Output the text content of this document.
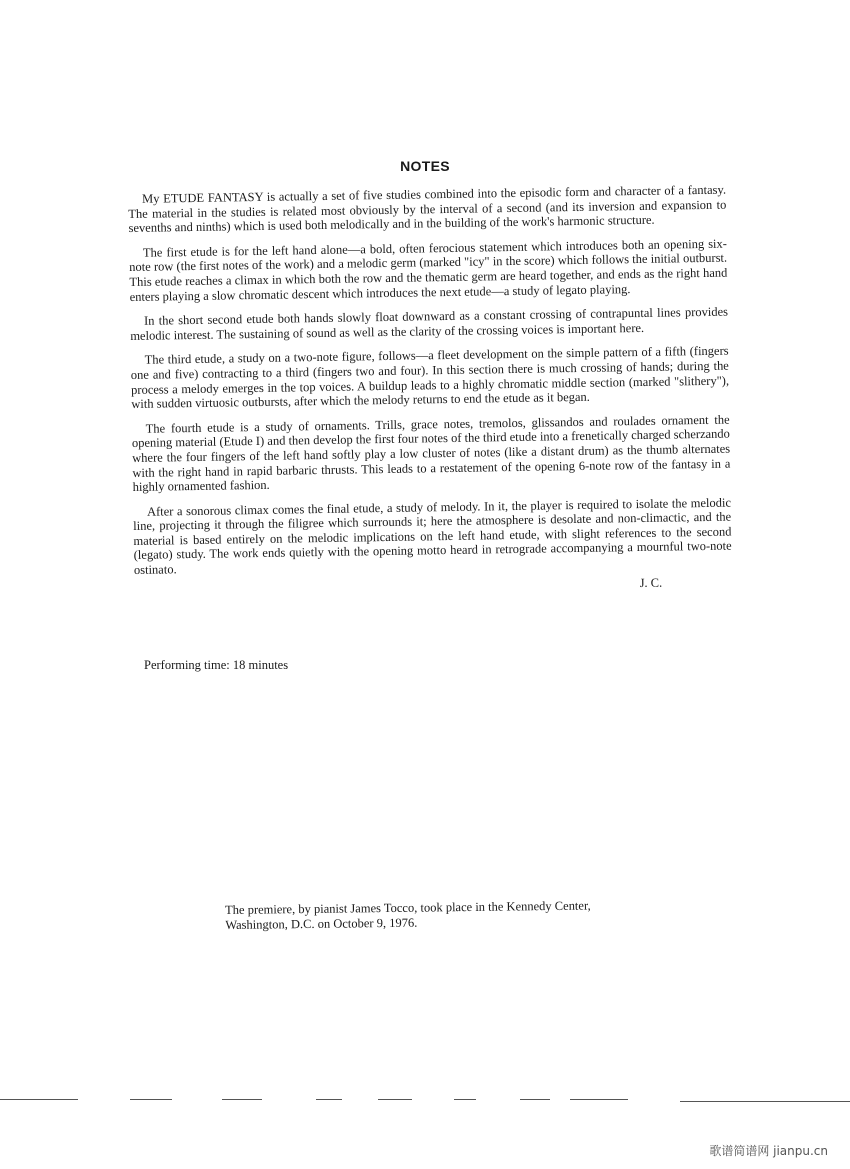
NOTES

My ETUDE FANTASY is actually a set of five studies combined into the episodic form and character of a fantasy. The material in the studies is related most obviously by the interval of a second (and its inversion and expansion to sevenths and ninths) which is used both melodically and in the building of the work's harmonic structure.

The first etude is for the left hand alone—a bold, often ferocious statement which introduces both an opening six-note row (the first notes of the work) and a melodic germ (marked "icy" in the score) which follows the initial outburst. This etude reaches a climax in which both the row and the thematic germ are heard together, and ends as the right hand enters playing a slow chromatic descent which introduces the next etude—a study of legato playing.

In the short second etude both hands slowly float downward as a constant crossing of contrapuntal lines provides melodic interest. The sustaining of sound as well as the clarity of the crossing voices is important here.

The third etude, a study on a two-note figure, follows—a fleet development on the simple pattern of a fifth (fingers one and five) contracting to a third (fingers two and four). In this section there is much crossing of hands; during the process a melody emerges in the top voices. A buildup leads to a highly chromatic middle section (marked "slithery"), with sudden virtuosic outbursts, after which the melody returns to end the etude as it began.

The fourth etude is a study of ornaments. Trills, grace notes, tremolos, glissandos and roulades ornament the opening material (Etude I) and then develop the first four notes of the third etude into a frenetically charged scherzando where the four fingers of the left hand softly play a low cluster of notes (like a distant drum) as the thumb alternates with the right hand in rapid barbaric thrusts. This leads to a restatement of the opening 6-note row of the fantasy in a highly ornamented fashion.

After a sonorous climax comes the final etude, a study of melody. In it, the player is required to isolate the melodic line, projecting it through the filigree which surrounds it; here the atmosphere is desolate and non-climactic, and the material is based entirely on the melodic implications on the left hand etude, with slight references to the second (legato) study. The work ends quietly with the opening motto heard in retrograde accompanying a mournful two-note ostinato.

J. C.
Performing time: 18 minutes
The premiere, by pianist James Tocco, took place in the Kennedy Center, Washington, D.C. on October 9, 1976.
歌谱简谱网 jianpu.cn
